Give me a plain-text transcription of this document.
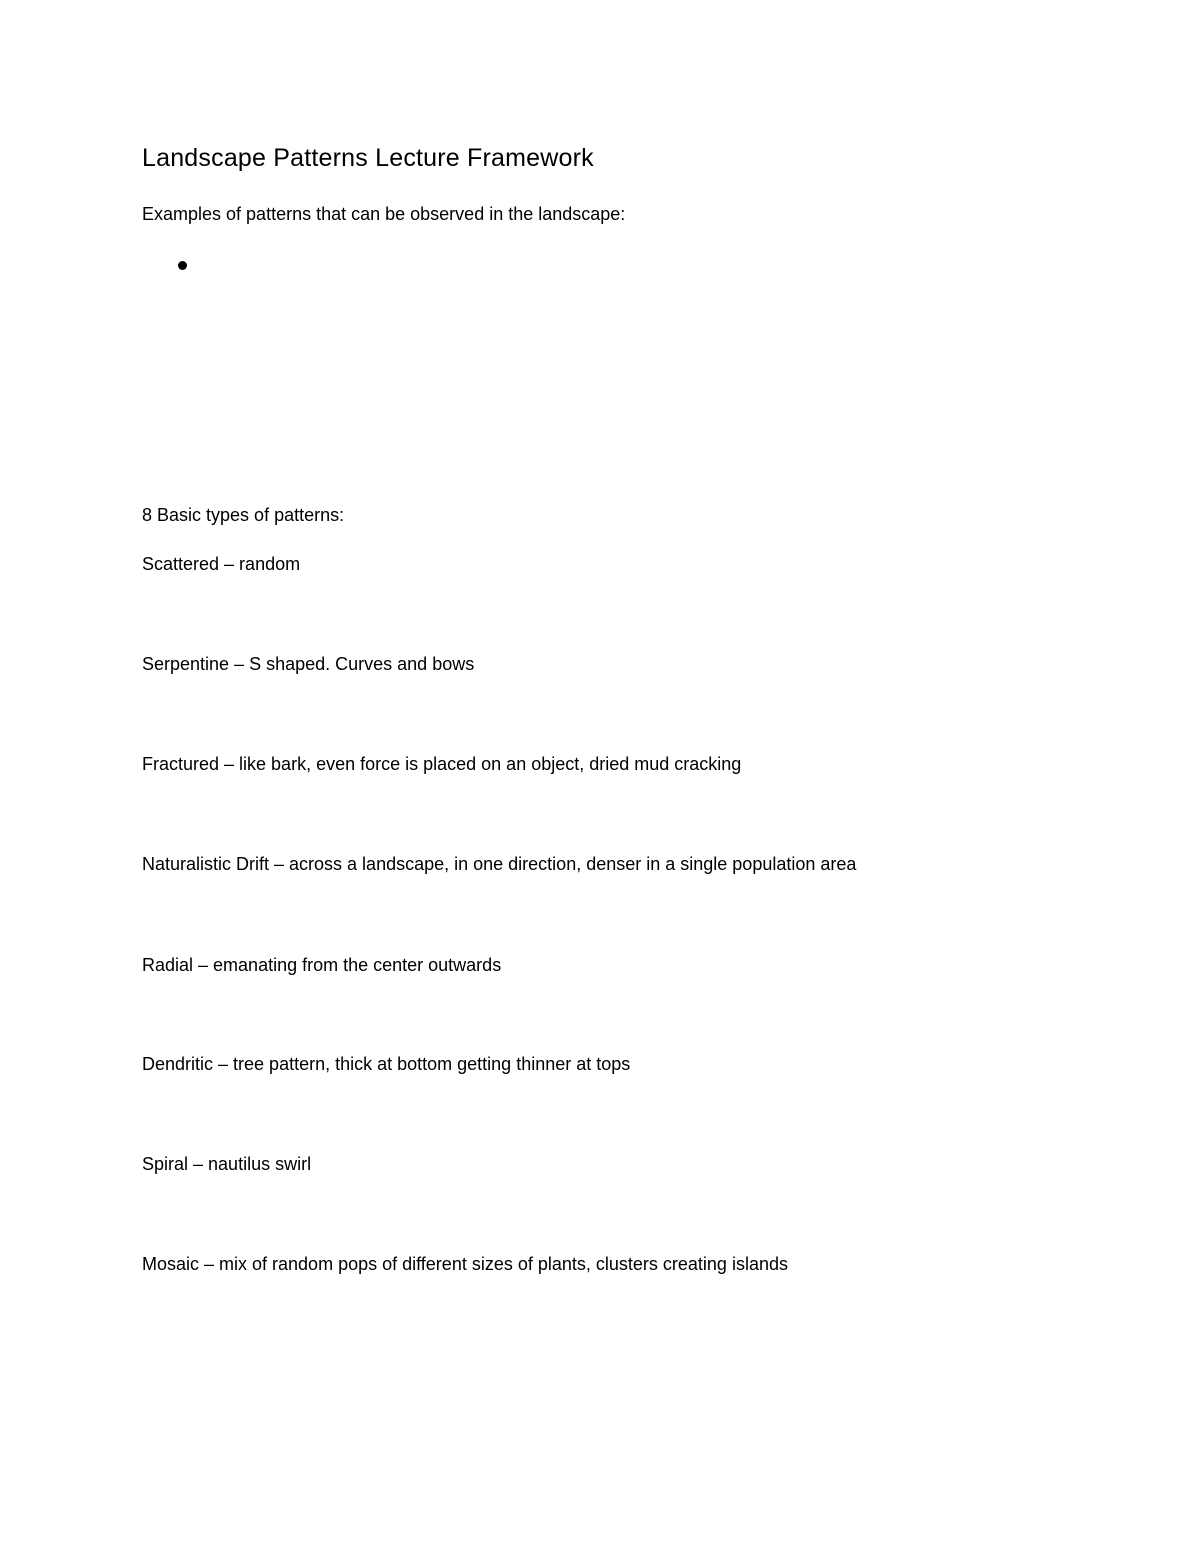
Landscape Patterns Lecture Framework

Examples of patterns that can be observed in the landscape:

8 Basic types of patterns:

Scattered – random

Serpentine – S shaped. Curves and bows

Fractured – like bark, even force is placed on an object, dried mud cracking

Naturalistic Drift – across a landscape, in one direction, denser in a single population area

Radial – emanating from the center outwards

Dendritic – tree pattern, thick at bottom getting thinner at tops

Spiral – nautilus swirl

Mosaic – mix of random pops of different sizes of plants, clusters creating islands
